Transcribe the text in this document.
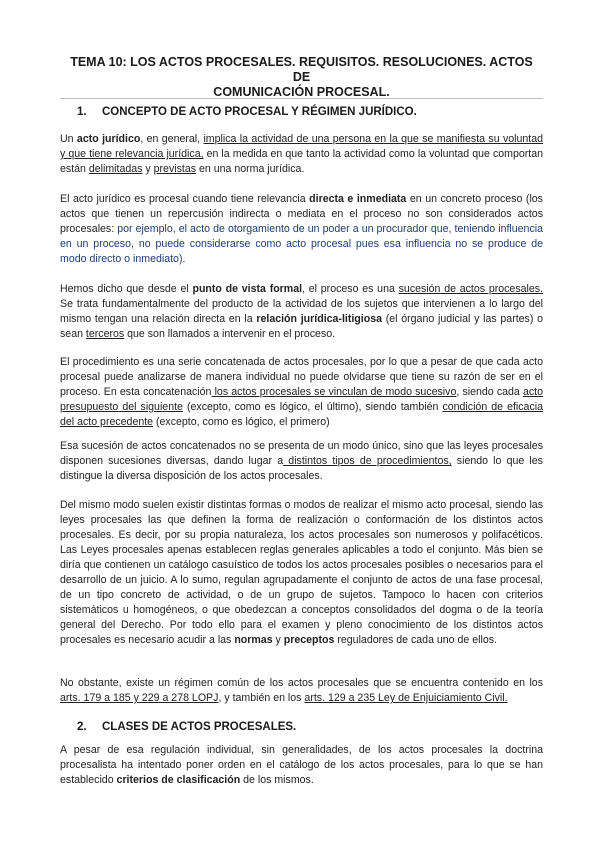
TEMA 10: LOS ACTOS PROCESALES. REQUISITOS. RESOLUCIONES. ACTOS DE
COMUNICACIÓN PROCESAL.
1. CONCEPTO DE ACTO PROCESAL Y RÉGIMEN JURÍDICO.

Un acto jurídico, en general, implica la actividad de una persona en la que se manifiesta su voluntad y que tiene relevancia jurídica, en la medida en que tanto la actividad como la voluntad que comportan están delimitadas y previstas en una norma jurídica.

El acto jurídico es procesal cuando tiene relevancia directa e inmediata en un concreto proceso (los actos que tienen un repercusión indirecta o mediata en el proceso no son considerados actos procesales: por ejemplo, el acto de otorgamiento de un poder a un procurador que, teniendo influencia en un proceso, no puede considerarse como acto procesal pues esa influencia no se produce de modo directo o inmediato).

Hemos dicho que desde el punto de vista formal, el proceso es una sucesión de actos procesales. Se trata fundamentalmente del producto de la actividad de los sujetos que intervienen a lo largo del mismo tengan una relación directa en la relación jurídica-litigiosa (el órgano judicial y las partes) o sean terceros que son llamados a intervenir en el proceso.

El procedimiento es una serie concatenada de actos procesales, por lo que a pesar de que cada acto procesal puede analizarse de manera individual no puede olvidarse que tiene su razón de ser en el proceso. En esta concatenación los actos procesales se vinculan de modo sucesivo, siendo cada acto presupuesto del siguiente (excepto, como es lógico, el último), siendo también condición de eficacia del acto precedente (excepto, como es lógico, el primero)

Esa sucesión de actos concatenados no se presenta de un modo único, sino que las leyes procesales disponen sucesiones diversas, dando lugar a distintos tipos de procedimientos, siendo lo que les distingue la diversa disposición de los actos procesales.

Del mismo modo suelen existir distintas formas o modos de realizar el mismo acto procesal, siendo las leyes procesales las que definen la forma de realización o conformación de los distintos actos procesales. Es decir, por su propia naturaleza, los actos procesales son numerosos y polifacéticos. Las Leyes procesales apenas establecen reglas generales aplicables a todo el conjunto. Más bien se diría que contienen un catálogo casuístico de todos los actos procesales posibles o necesarios para el desarrollo de un juicio. A lo sumo, regulan agrupadamente el conjunto de actos de una fase procesal, de un tipo concreto de actividad, o de un grupo de sujetos. Tampoco lo hacen con criterios sistemáticos u homogéneos, o que obedezcan a conceptos consolidados del dogma o de la teoría general del Derecho. Por todo ello para el examen y pleno conocimiento de los distintos actos procesales es necesario acudir a las normas y preceptos reguladores de cada uno de ellos.

No obstante, existe un régimen común de los actos procesales que se encuentra contenido en los arts. 179 a 185 y 229 a 278 LOPJ, y también en los arts. 129 a 235 Ley de Enjuiciamiento Civil.

2. CLASES DE ACTOS PROCESALES.

A pesar de esa regulación individual, sin generalidades, de los actos procesales la doctrina procesalista ha intentado poner orden en el catálogo de los actos procesales, para lo que se han establecido criterios de clasificación de los mismos.
